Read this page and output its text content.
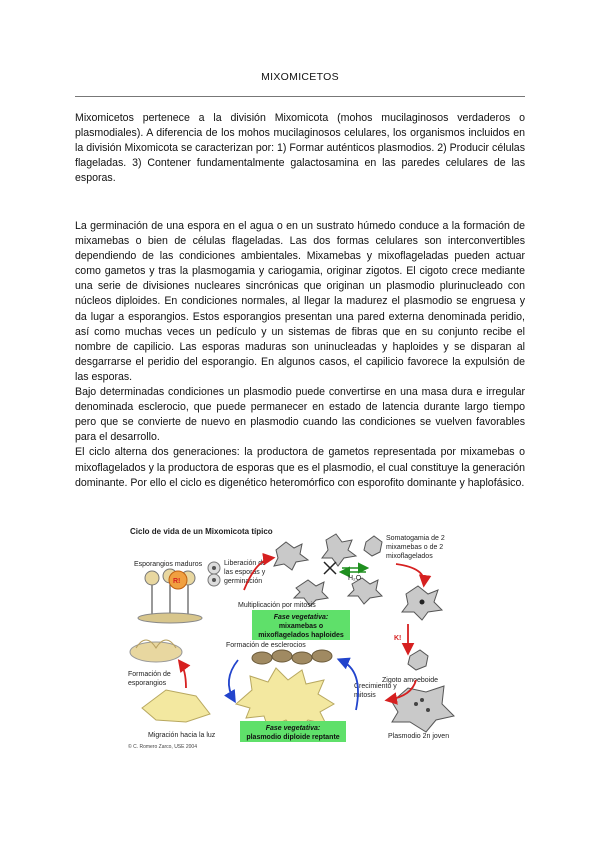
MIXOMICETOS

Mixomicetos pertenece a la división Mixomicota (mohos mucilaginosos verdaderos o plasmodiales). A diferencia de los mohos mucilaginosos celulares, los organismos incluidos en la división Mixomicota se caracterizan por: 1) Formar auténticos plasmodios. 2) Producir células flageladas. 3) Contener fundamentalmente galactosamina en las paredes celulares de las esporas.

La germinación de una espora en el agua o en un sustrato húmedo conduce a la formación de mixamebas o bien de células flageladas. Las dos formas celulares son interconvertibles dependiendo de las condiciones ambientales. Mixamebas y mixoflageladas pueden actuar como gametos y tras la plasmogamia y cariogamia, originar zigotos. El cigoto crece mediante una serie de divisiones nucleares sincrónicas que originan un plasmodio plurinucleado con núcleos diploides. En condiciones normales, al llegar la madurez el plasmodio se engruesa y da lugar a esporangios. Estos esporangios presentan una pared externa denominada peridio, así como muchas veces un pedículo y un sistemas de fibras que en su conjunto recibe el nombre de capilicio. Las esporas maduras son uninucleadas y haploides y se disparan al desgarrarse el peridio del esporangio. En algunos casos, el capilicio favorece la expulsión de las esporas.
Bajo determinadas condiciones un plasmodio puede convertirse en una masa dura e irregular denominada esclerocio, que puede permanecer en estado de latencia durante largo tiempo pero que se convierte de nuevo en plasmodio cuando las condiciones se vuelven favorables para el desarrollo.
El ciclo alterna dos generaciones: la productora de gametos representada por mixamebas o mixoflagelados y la productora de esporas que es el plasmodio, el cual constituye la generación dominante. Por ello el ciclo es digenético heteromórfico con esporofito dominante y haplofásico.
Ciclo de vida de un Mixomicota típico
Esporangios maduros
R!
Liberación de
las esporas y
germinación	H₂O
Somatogamia de 2
mixamebas o de 2
mixoflagelados
Multiplicación por mitosis
Fase vegetativa:
mixamebas o
mixoflagelados haploides	K!
Zigoto amoeboide
Crecimiento y
mitosis
Formación de esclerocios
Formación de
esporangios
Migración hacia la luz
Fase vegetativa:
plasmodio diploide reptante	Plasmodio 2n joven
© C. Romero Zarco, USE 2004
